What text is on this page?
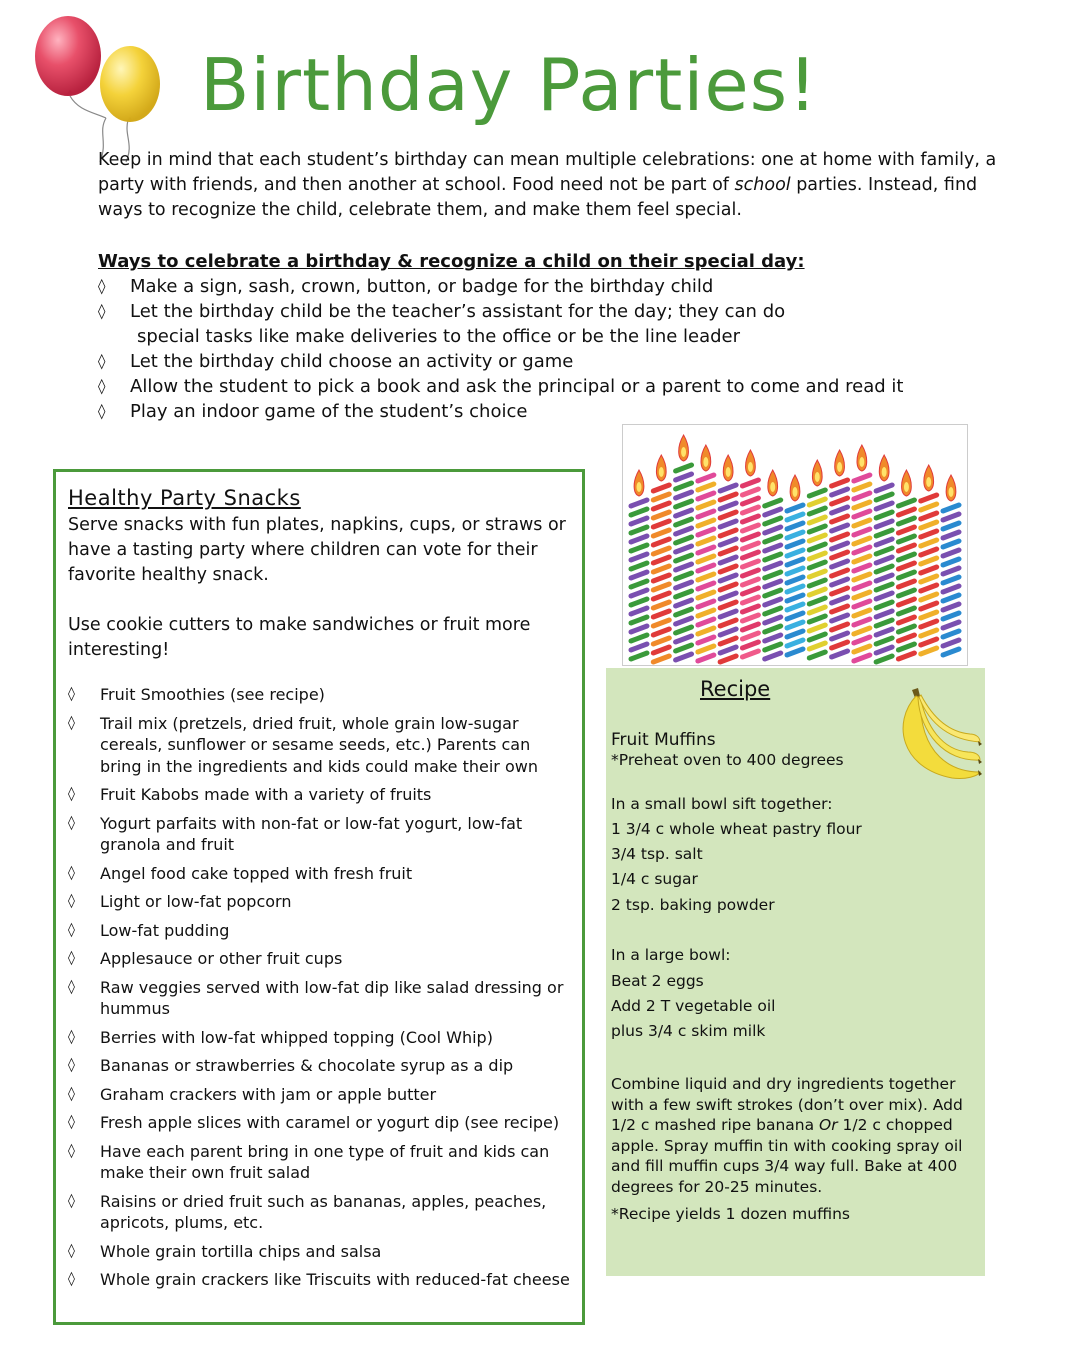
Birthday Parties!

Keep in mind that each student’s birthday can mean multiple celebrations: one at home with family, a party with friends, and then another at school. Food need not be part of school parties. Instead, find ways to recognize the child, celebrate them, and make them feel special.

Ways to celebrate a birthday & recognize a child on their special day:

◊ Make a sign, sash, crown, button, or badge for the birthday child
◊ Let the birthday child be the teacher’s assistant for the day; they can do
special tasks like make deliveries to the office or be the line leader
◊ Let the birthday child choose an activity or game
◊ Allow the student to pick a book and ask the principal or a parent to come and read it
◊ Play an indoor game of the student’s choice
Healthy Party Snacks

Serve snacks with fun plates, napkins, cups, or straws or have a tasting party where children can vote for their favorite healthy snack.

Use cookie cutters to make sandwiches or fruit more interesting!

◊ Fruit Smoothies (see recipe)
◊ Trail mix (pretzels, dried fruit, whole grain low-sugar cereals, sunflower or sesame seeds, etc.) Parents can bring in the ingredients and kids could make their own
◊ Fruit Kabobs made with a variety of fruits
◊ Yogurt parfaits with non-fat or low-fat yogurt, low-fat granola and fruit
◊ Angel food cake topped with fresh fruit
◊ Light or low-fat popcorn
◊ Low-fat pudding
◊ Applesauce or other fruit cups
◊ Raw veggies served with low-fat dip like salad dressing or hummus
◊ Berries with low-fat whipped topping (Cool Whip)
◊ Bananas or strawberries & chocolate syrup as a dip
◊ Graham crackers with jam or apple butter
◊ Fresh apple slices with caramel or yogurt dip (see recipe)
◊ Have each parent bring in one type of fruit and kids can make their own fruit salad
◊ Raisins or dried fruit such as bananas, apples, peaches, apricots, plums, etc.
◊ Whole grain tortilla chips and salsa
◊ Whole grain crackers like Triscuits with reduced-fat cheese
Recipe

Fruit Muffins

*Preheat oven to 400 degrees

In a small bowl sift together:

1 3/4 c whole wheat pastry flour

3/4 tsp. salt

1/4 c sugar

2 tsp. baking powder

In a large bowl:

Beat 2 eggs

Add 2 T vegetable oil

plus 3/4 c skim milk

Combine liquid and dry ingredients together with a few swift strokes (don’t over mix). Add 1/2 c mashed ripe banana Or 1/2 c chopped apple. Spray muffin tin with cooking spray oil and fill muffin cups 3/4 way full. Bake at 400 degrees for 20-25 minutes.

*Recipe yields 1 dozen muffins
